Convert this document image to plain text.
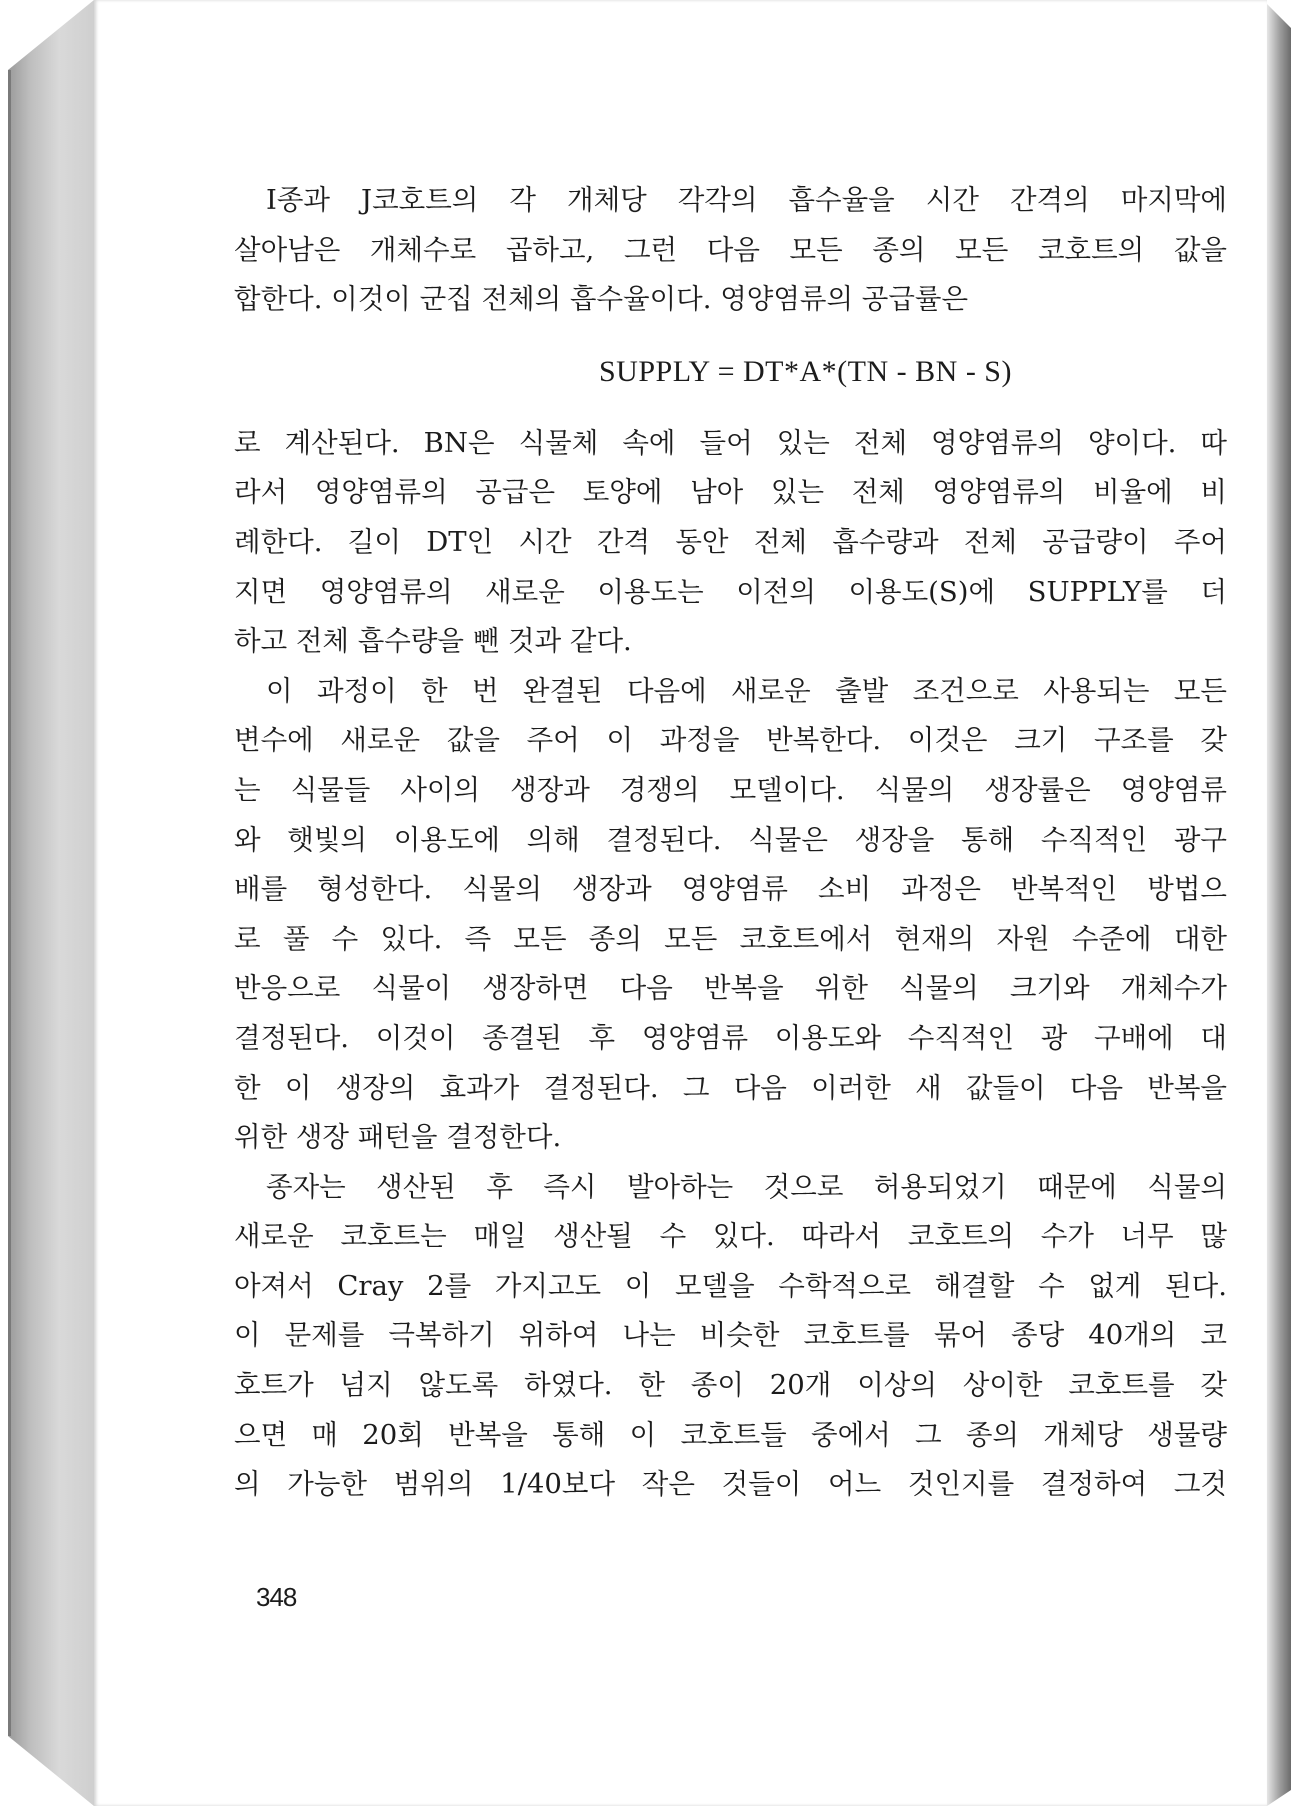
I종과 J코호트의 각 개체당 각각의 흡수율을 시간 간격의 마지막에
살아남은 개체수로 곱하고, 그런 다음 모든 종의 모든 코호트의 값을
합한다. 이것이 군집 전체의 흡수율이다. 영양염류의 공급률은
SUPPLY = DT*A*(TN - BN - S)
로 계산된다. BN은 식물체 속에 들어 있는 전체 영양염류의 양이다. 따
라서 영양염류의 공급은 토양에 남아 있는 전체 영양염류의 비율에 비
례한다. 길이 DT인 시간 간격 동안 전체 흡수량과 전체 공급량이 주어
지면 영양염류의 새로운 이용도는 이전의 이용도(S)에 SUPPLY를 더
하고 전체 흡수량을 뺀 것과 같다.
이 과정이 한 번 완결된 다음에 새로운 출발 조건으로 사용되는 모든
변수에 새로운 값을 주어 이 과정을 반복한다. 이것은 크기 구조를 갖
는 식물들 사이의 생장과 경쟁의 모델이다. 식물의 생장률은 영양염류
와 햇빛의 이용도에 의해 결정된다. 식물은 생장을 통해 수직적인 광구
배를 형성한다. 식물의 생장과 영양염류 소비 과정은 반복적인 방법으
로 풀 수 있다. 즉 모든 종의 모든 코호트에서 현재의 자원 수준에 대한
반응으로 식물이 생장하면 다음 반복을 위한 식물의 크기와 개체수가
결정된다. 이것이 종결된 후 영양염류 이용도와 수직적인 광 구배에 대
한 이 생장의 효과가 결정된다. 그 다음 이러한 새 값들이 다음 반복을
위한 생장 패턴을 결정한다.
종자는 생산된 후 즉시 발아하는 것으로 허용되었기 때문에 식물의
새로운 코호트는 매일 생산될 수 있다. 따라서 코호트의 수가 너무 많
아져서 Cray 2를 가지고도 이 모델을 수학적으로 해결할 수 없게 된다.
이 문제를 극복하기 위하여 나는 비슷한 코호트를 묶어 종당 40개의 코
호트가 넘지 않도록 하였다. 한 종이 20개 이상의 상이한 코호트를 갖
으면 매 20회 반복을 통해 이 코호트들 중에서 그 종의 개체당 생물량
의 가능한 범위의 1/40보다 작은 것들이 어느 것인지를 결정하여 그것
348
